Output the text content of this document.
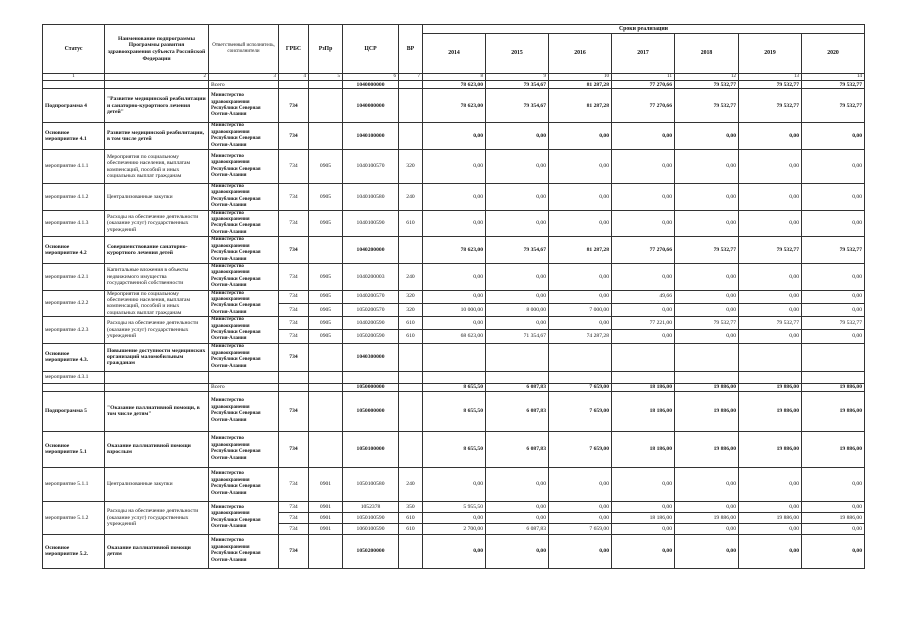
Статус	Наименование подпрограммы Программы развития здравоохранения субъекта Российской Федерации	Ответственный исполнитель, соисполнители	ГРБС	РзПр	ЦСР	ВР	Сроки реализации						
							2014	2015	2016	2017	2018	2019	2020
1	2	3	4	5	6	7	8	9	10	11	12	13	14
		Всего			1040000000		78 623,00	79 354,67	81 287,28	77 270,66	79 532,77	79 532,77	79 532,77
Подпрограмма 4	"Развитие медицинской реабилитации и санаторно-курортного лечения детей"	Министерство здравоохранения Республики Северная Осетия-Алания	734		1040000000		78 623,00	79 354,67	81 287,28	77 270,66	79 532,77	79 532,77	79 532,77
Основное мероприятие 4.1	Развитие медицинской реабилитации, в том числе детей	Министерство здравоохранения Республики Северная Осетия-Алания	734		1040100000		0,00	0,00	0,00	0,00	0,00	0,00	0,00
мероприятие 4.1.1	Мероприятия по социальному обеспечению населения, выплатам компенсаций, пособий и иных социальных выплат гражданам	Министерство здравоохранения Республики Северная Осетия-Алания	734	0905	1040100570	320	0,00	0,00	0,00	0,00	0,00	0,00	0,00
мероприятие 4.1.2	Централизованные закупки	Министерство здравоохранения Республики Северная Осетия-Алания	734	0905	1040100580	240	0,00	0,00	0,00	0,00	0,00	0,00	0,00
мероприятие 4.1.3	Расходы на обеспечение деятельности (оказание услуг) государственных учреждений	Министерство здравоохранения Республики Северная Осетия-Алания	734	0905	1040100590	610	0,00	0,00	0,00	0,00	0,00	0,00	0,00
Основное мероприятие 4.2	Совершенствование санаторно-курортного лечения детей	Министерство здравоохранения Республики Северная Осетия-Алания	734		1040200000		78 623,00	79 354,67	81 287,28	77 270,66	79 532,77	79 532,77	79 532,77
мероприятие 4.2.1	Капитальные вложения в объекты недвижимого имущества государственной собственности	Министерство здравоохранения Республики Северная Осетия-Алания	734	0905	1040200003	240	0,00	0,00	0,00	0,00	0,00	0,00	0,00
мероприятие 4.2.2	Мероприятия по социальному обеспечению населения, выплатам компенсаций, пособий и иных социальных выплат гражданам	Министерство здравоохранения Республики Северная Осетия-Алания	734	0905	1040200570	320	0,00	0,00	0,00	49,66	0,00	0,00	0,00
			734	0905	1050200570	320	10 000,00	8 000,00	7 000,00	0,00	0,00	0,00	0,00
мероприятие 4.2.3	Расходы на обеспечение деятельности (оказание услуг) государственных учреждений	Министерство здравоохранения Республики Северная Осетия-Алания	734	0905	1040200590	610	0,00	0,00	0,00	77 221,00	79 532,77	79 532,77	79 532,77
			734	0905	1050200590	610	68 623,00	71 354,67	74 287,28	0,00	0,00	0,00	0,00
Основное мероприятие 4.3.	Повышение доступности медицинских организаций маломобильным гражданам	Министерство здравоохранения Республики Северная Осетия-Алания	734		1040300000								
мероприятие 4.3.1													
		Всего			1050000000		8 655,50	6 087,83	7 659,00	18 186,00	19 886,00	19 886,00	19 886,00
Подпрограмма 5	"Оказание паллиативной помощи, в том числе детям"	Министерство здравоохранения Республики Северная Осетия-Алания	734		1050000000		8 655,50	6 087,83	7 659,00	18 186,00	19 886,00	19 886,00	19 886,00
Основное мероприятие 5.1	Оказание паллиативной помощи взрослым	Министерство здравоохранения Республики Северная Осетия-Алания	734		1050100000		8 655,50	6 087,83	7 659,00	18 186,00	19 886,00	19 886,00	19 886,00
мероприятие 5.1.1	Централизованные закупки	Министерство здравоохранения Республики Северная Осетия-Алания	734	0901	1050100580	240	0,00	0,00	0,00	0,00	0,00	0,00	0,00
мероприятие 5.1.2	Расходы на обеспечение деятельности (оказание услуг) государственных учреждений	Министерство здравоохранения Республики Северная Осетия-Алания	734	0901	1052378	350	5 955,50	0,00	0,00	0,00	0,00	0,00	0,00
			734	0901	1050100590	610	0,00	0,00	0,00	18 186,00	19 886,00	19 886,00	19 886,00
			734	0901	1060100590	610	2 700,00	6 087,83	7 659,00	0,00	0,00	0,00	0,00
Основное мероприятие 5.2.	Оказание паллиативной помощи детям	Министерство здравоохранения Республики Северная Осетия-Алания	734		1050200000		0,00	0,00	0,00	0,00	0,00	0,00	0,00
